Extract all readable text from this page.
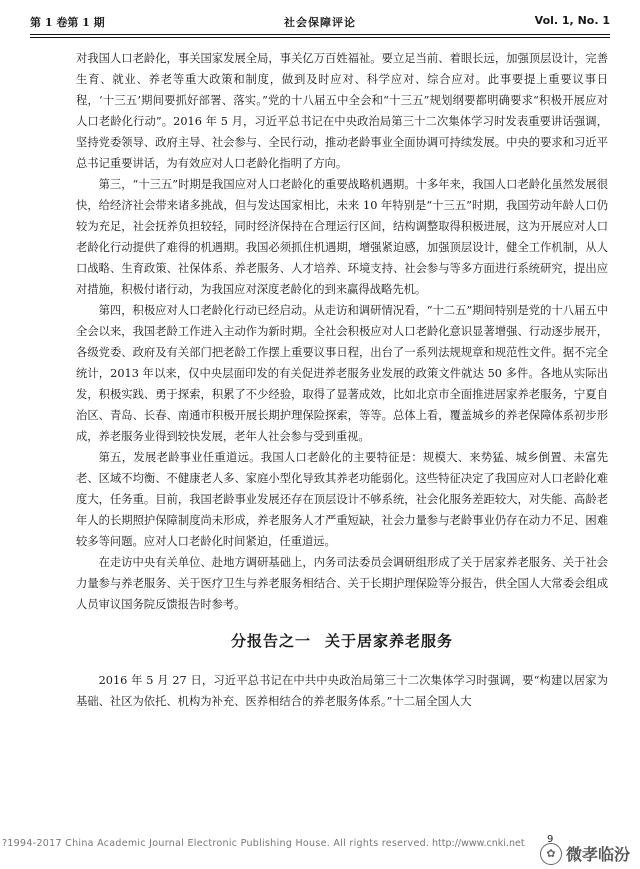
第 1 卷第 1 期	社会保障评论	Vol. 1, No. 1

对我国人口老龄化，事关国家发展全局，事关亿万百姓福祉。要立足当前、着眼长远，加强顶层设计，完善生育、就业、养老等重大政策和制度，做到及时应对、科学应对、综合应对。此事要提上重要议事日程，‘十三五’期间要抓好部署、落实。”党的十八届五中全会和“十三五”规划纲要都明确要求“积极开展应对人口老龄化行动”。2016 年 5 月，习近平总书记在中央政治局第三十二次集体学习时发表重要讲话强调，坚持党委领导、政府主导、社会参与、全民行动，推动老龄事业全面协调可持续发展。中央的要求和习近平总书记重要讲话，为有效应对人口老龄化指明了方向。

第三，“十三五”时期是我国应对人口老龄化的重要战略机遇期。十多年来，我国人口老龄化虽然发展很快，给经济社会带来诸多挑战，但与发达国家相比，未来 10 年特别是“十三五”时期，我国劳动年龄人口仍较为充足，社会抚养负担较轻，同时经济保持在合理运行区间，结构调整取得积极进展，这为开展应对人口老龄化行动提供了难得的机遇期。我国必须抓住机遇期，增强紧迫感，加强顶层设计，健全工作机制，从人口战略、生育政策、社保体系、养老服务、人才培养、环境支持、社会参与等多方面进行系统研究，提出应对措施，积极付诸行动，为我国应对深度老龄化的到来赢得战略先机。

第四，积极应对人口老龄化行动已经启动。从走访和调研情况看，“十二五”期间特别是党的十八届五中全会以来，我国老龄工作进入主动作为新时期。全社会积极应对人口老龄化意识显著增强、行动逐步展开，各级党委、政府及有关部门把老龄工作摆上重要议事日程，出台了一系列法规规章和规范性文件。据不完全统计，2013 年以来，仅中央层面印发的有关促进养老服务业发展的政策文件就达 50 多件。各地从实际出发，积极实践、勇于探索，积累了不少经验，取得了显著成效，比如北京市全面推进居家养老服务，宁夏自治区、青岛、长春、南通市积极开展长期护理保险探索，等等。总体上看，覆盖城乡的养老保障体系初步形成，养老服务业得到较快发展，老年人社会参与受到重视。

第五，发展老龄事业任重道远。我国人口老龄化的主要特征是：规模大、来势猛、城乡倒置、未富先老、区域不均衡、不健康老人多、家庭小型化导致其养老功能弱化。这些特征决定了我国应对人口老龄化难度大，任务重。目前，我国老龄事业发展还存在顶层设计不够系统，社会化服务差距较大，对失能、高龄老年人的长期照护保障制度尚未形成，养老服务人才严重短缺，社会力量参与老龄事业仍存在动力不足、困难较多等问题。应对人口老龄化时间紧迫，任重道远。

在走访中央有关单位、赴地方调研基础上，内务司法委员会调研组形成了关于居家养老服务、关于社会力量参与养老服务、关于医疗卫生与养老服务相结合、关于长期护理保险等分报告，供全国人大常委会组成人员审议国务院反馈报告时参考。

分报告之一 关于居家养老服务

2016 年 5 月 27 日，习近平总书记在中共中央政治局第三十二次集体学习时强调，要“构建以居家为基础、社区为依托、机构为补充、医养相结合的养老服务体系。”十二届全国人大

?1994-2017 China Academic Journal Electronic Publishing House. All rights reserved. http://www.cnki.net 9
✿ 微孝临汾
